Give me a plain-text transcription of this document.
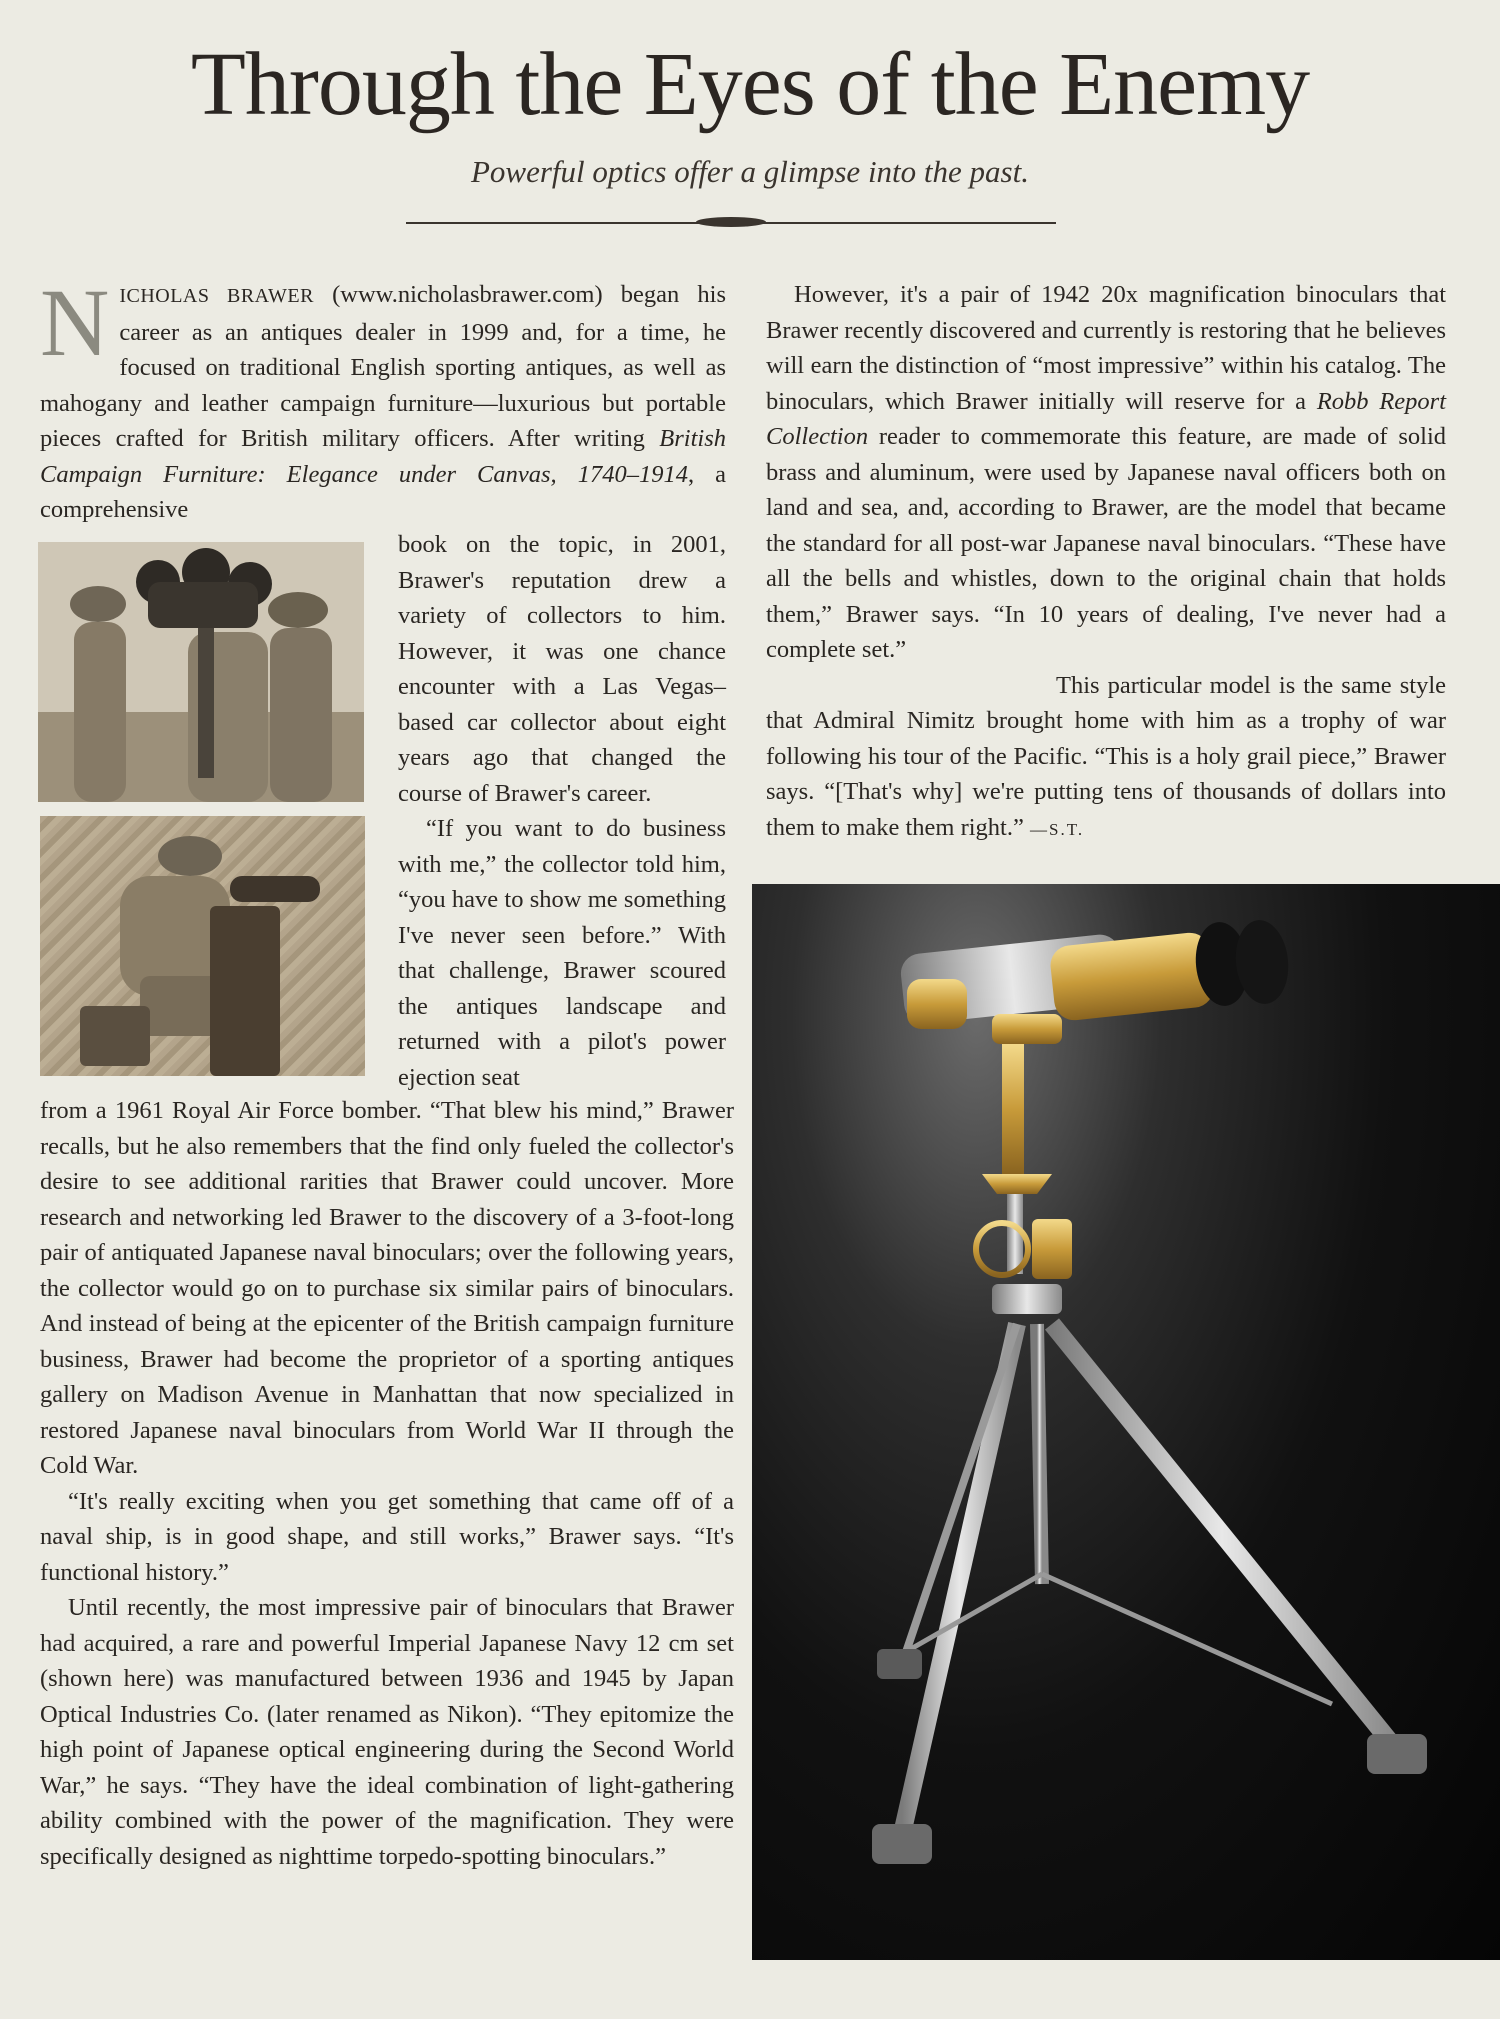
Through the Eyes of the Enemy

Powerful optics offer a glimpse into the past.

N ICHOLAS BRAWER (www.nicholasbrawer.com) began his career as an antiques dealer in 1999 and, for a time, he focused on traditional English sporting antiques, as well as mahogany and leather campaign furniture—luxurious but portable pieces crafted for British military officers. After writing British Campaign Furniture: Elegance under Canvas, 1740–1914, a comprehensive

book on the topic, in 2001, Brawer's reputation drew a variety of collectors to him. However, it was one chance encounter with a Las Vegas–based car collector about eight years ago that changed the course of Brawer's career.

“If you want to do business with me,” the collector told him, “you have to show me something I've never seen before.” With that challenge, Brawer scoured the antiques landscape and returned with a pilot's power ejection seat

from a 1961 Royal Air Force bomber. “That blew his mind,” Brawer recalls, but he also remembers that the find only fueled the collector's desire to see additional rarities that Brawer could uncover. More research and networking led Brawer to the discovery of a 3-foot-long pair of antiquated Japanese naval binoculars; over the following years, the collector would go on to purchase six similar pairs of binoculars. And instead of being at the epicenter of the British campaign furniture business, Brawer had become the proprietor of a sporting antiques gallery on Madison Avenue in Manhattan that now specialized in restored Japanese naval binoculars from World War II through the Cold War.

“It's really exciting when you get something that came off of a naval ship, is in good shape, and still works,” Brawer says. “It's functional history.”

Until recently, the most impressive pair of binoculars that Brawer had acquired, a rare and powerful Imperial Japanese Navy 12 cm set (shown here) was manufactured between 1936 and 1945 by Japan Optical Industries Co. (later renamed as Nikon). “They epitomize the high point of Japanese optical engineering during the Second World War,” he says. “They have the ideal combination of light-gathering ability combined with the power of the magnification. They were specifically designed as nighttime torpedo-spotting binoculars.”

However, it's a pair of 1942 20x magnification binoculars that Brawer recently discovered and currently is restoring that he believes will earn the distinction of “most impressive” within his catalog. The binoculars, which Brawer initially will reserve for a Robb Report Collection reader to commemorate this feature, are made of solid brass and aluminum, were used by Japanese naval officers both on land and sea, and, according to Brawer, are the model that became the standard for all post-war Japanese naval binoculars. “These have all the bells and whistles, down to the original chain that holds them,” Brawer says. “In 10 years of dealing, I've never had a complete set.”

This particular model is the same style that Admiral Nimitz brought home with him as a trophy of war following his tour of the Pacific. “This is a holy grail piece,” Brawer says. “[That's why] we're putting tens of thousands of dollars into them to make them right.” —S.T.
